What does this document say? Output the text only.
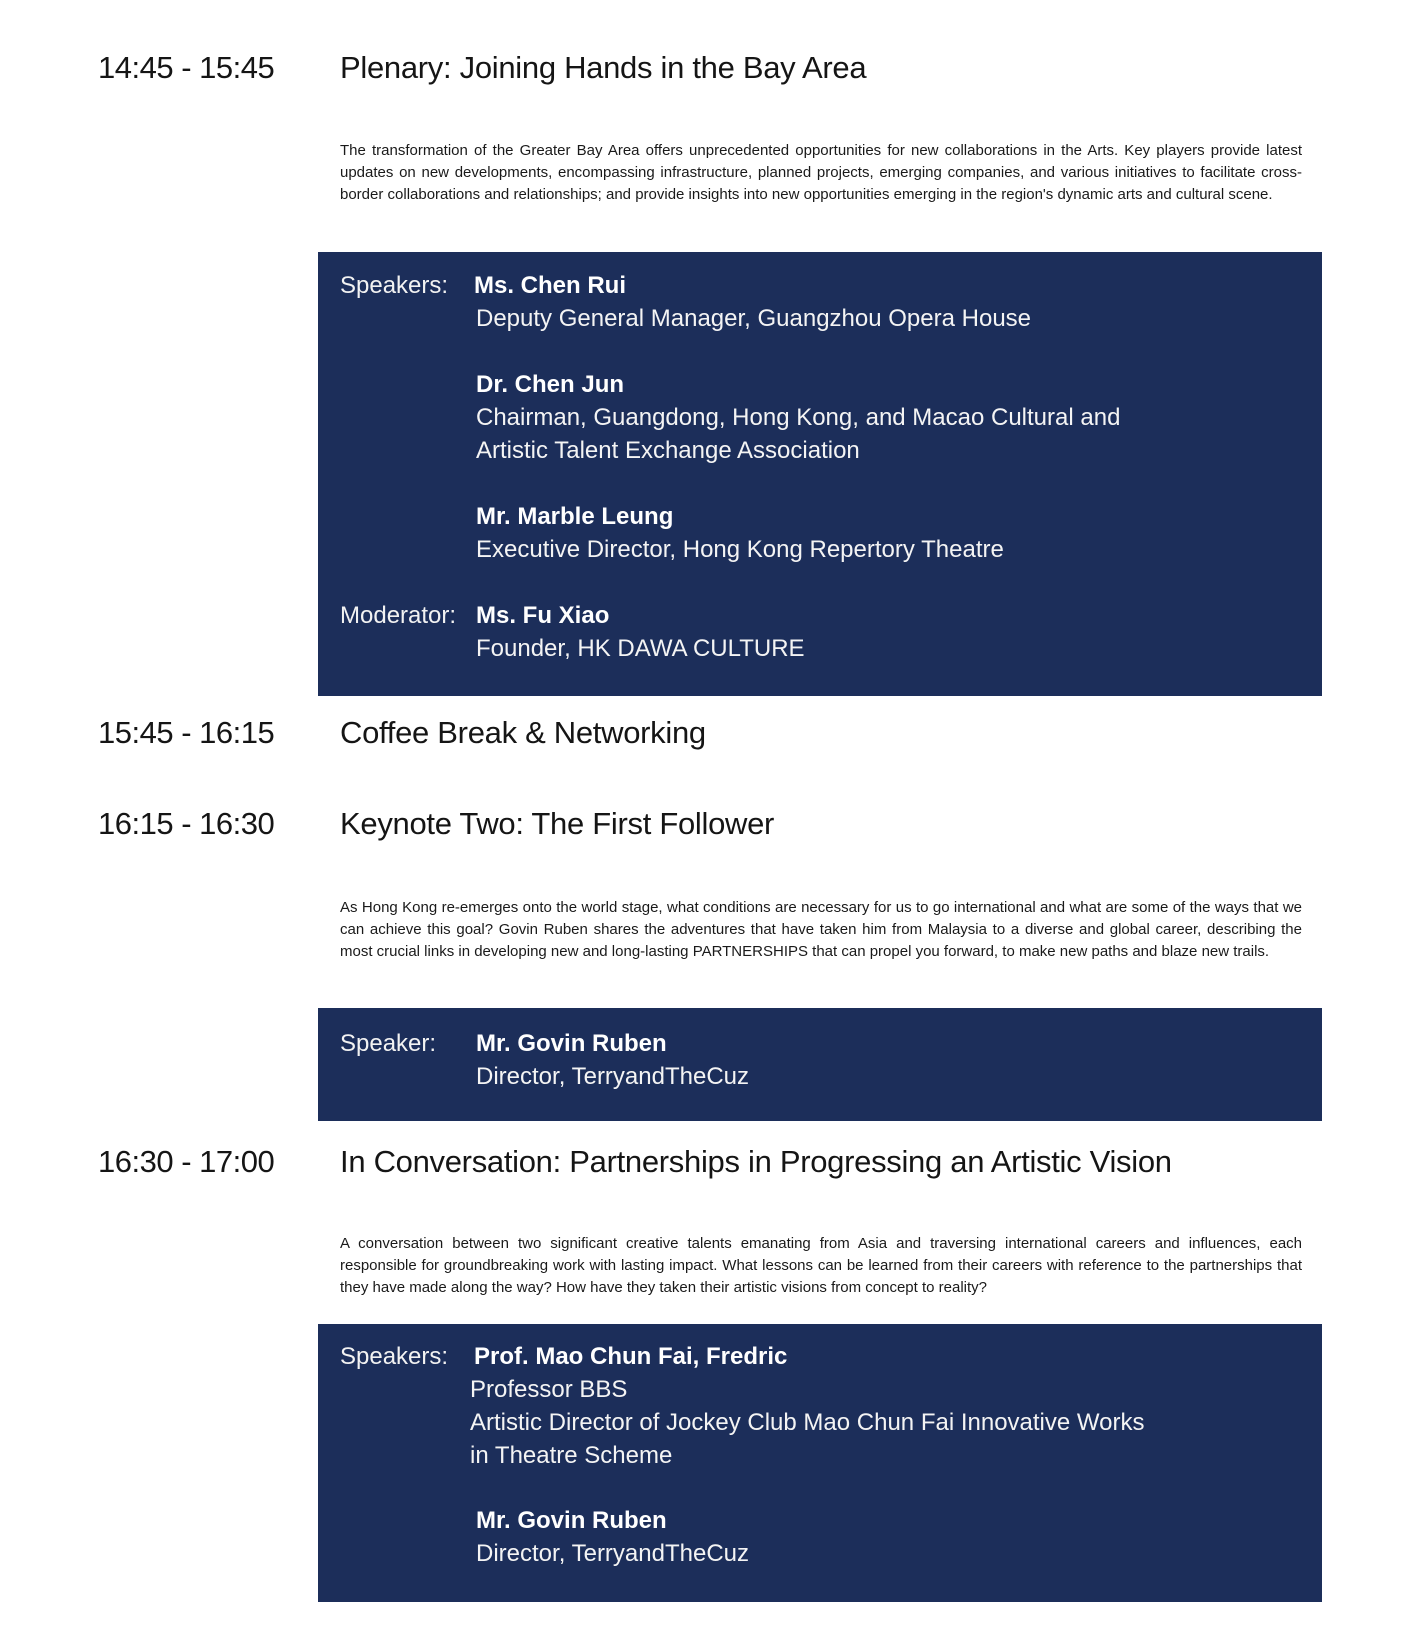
14:45 - 15:45 Plenary: Joining Hands in the Bay Area
The transformation of the Greater Bay Area offers unprecedented opportunities for new collaborations in the Arts. Key players provide latest updates on new developments, encompassing infrastructure, planned projects, emerging companies, and various initiatives to facilitate cross-border collaborations and relationships; and provide insights into new opportunities emerging in the region's dynamic arts and cultural scene.
Speakers: Ms. Chen Rui
Deputy General Manager, Guangzhou Opera House
Dr. Chen Jun
Chairman, Guangdong, Hong Kong, and Macao Cultural and
Artistic Talent Exchange Association
Mr. Marble Leung
Executive Director, Hong Kong Repertory Theatre
Moderator: Ms. Fu Xiao
Founder, HK DAWA CULTURE
15:45 - 16:15 Coffee Break & Networking
16:15 - 16:30 Keynote Two: The First Follower
As Hong Kong re-emerges onto the world stage, what conditions are necessary for us to go international and what are some of the ways that we can achieve this goal? Govin Ruben shares the adventures that have taken him from Malaysia to a diverse and global career, describing the most crucial links in developing new and long-lasting PARTNERSHIPS that can propel you forward, to make new paths and blaze new trails.
Speaker: Mr. Govin Ruben
Director, TerryandTheCuz
16:30 - 17:00 In Conversation: Partnerships in Progressing an Artistic Vision
A conversation between two significant creative talents emanating from Asia and traversing international careers and influences, each responsible for groundbreaking work with lasting impact. What lessons can be learned from their careers with reference to the partnerships that they have made along the way? How have they taken their artistic visions from concept to reality?
Speakers: Prof. Mao Chun Fai, Fredric
Professor BBS
Artistic Director of Jockey Club Mao Chun Fai Innovative Works
in Theatre Scheme
Mr. Govin Ruben
Director, TerryandTheCuz
